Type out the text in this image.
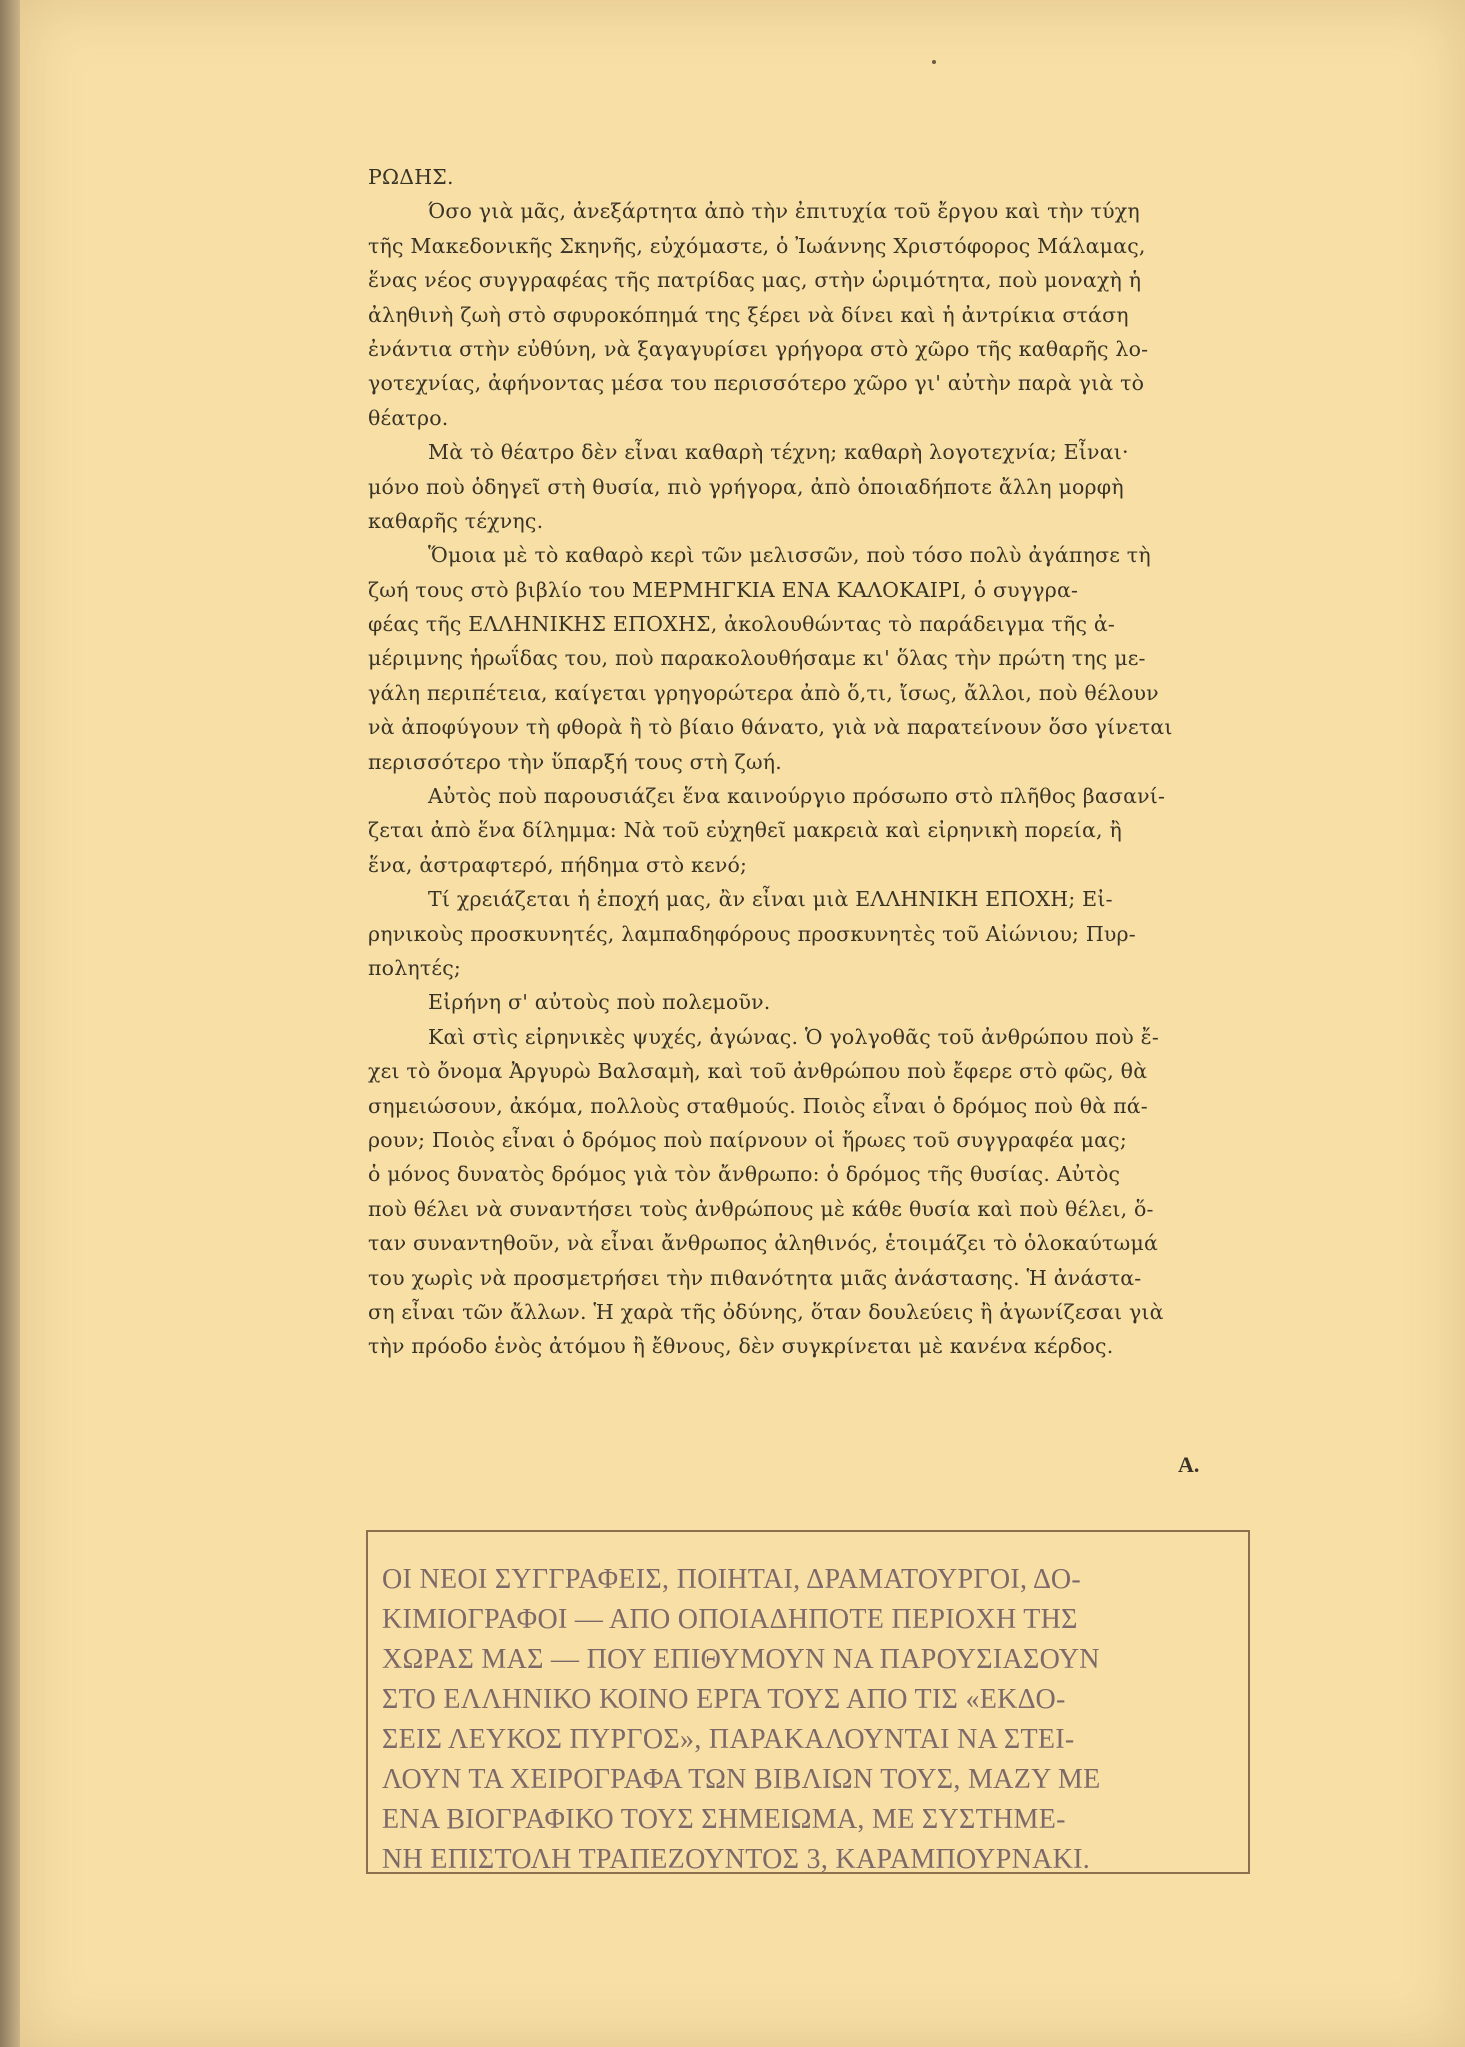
ΡΩΔΗΣ.
Όσο γιὰ μᾶς, ἀνεξάρτητα ἀπὸ τὴν ἐπιτυχία τοῦ ἔργου καὶ τὴν τύχη
τῆς Μακεδονικῆς Σκηνῆς, εὐχόμαστε, ὁ Ἰωάννης Χριστόφορος Μάλαμας,
ἕνας νέος συγγραφέας τῆς πατρίδας μας, στὴν ὡριμότητα, ποὺ μοναχὴ ἡ
ἀληθινὴ ζωὴ στὸ σφυροκόπημά της ξέρει νὰ δίνει καὶ ἡ ἀντρίκια στάση
ἐνάντια στὴν εὐθύνη, νὰ ξαγαγυρίσει γρήγορα στὸ χῶρο τῆς καθαρῆς λο-
γοτεχνίας, ἀφήνοντας μέσα του περισσότερο χῶρο γι' αὐτὴν παρὰ γιὰ τὸ
θέατρο.
Μὰ τὸ θέατρο δὲν εἶναι καθαρὴ τέχνη; καθαρὴ λογοτεχνία; Εἶναι·
μόνο ποὺ ὁδηγεῖ στὴ θυσία, πιὸ γρήγορα, ἀπὸ ὁποιαδήποτε ἄλλη μορφὴ
καθαρῆς τέχνης.
Ὅμοια μὲ τὸ καθαρὸ κερὶ τῶν μελισσῶν, ποὺ τόσο πολὺ ἀγάπησε τὴ
ζωή τους στὸ βιβλίο του ΜΕΡΜΗΓΚΙΑ ΕΝΑ ΚΑΛΟΚΑΙΡΙ, ὁ συγγρα-
φέας τῆς ΕΛΛΗΝΙΚΗΣ ΕΠΟΧΗΣ, ἀκολουθώντας τὸ παράδειγμα τῆς ἀ-
μέριμνης ἡρωΐδας του, ποὺ παρακολουθήσαμε κι' ὅλας τὴν πρώτη της με-
γάλη περιπέτεια, καίγεται γρηγορώτερα ἀπὸ ὅ,τι, ἴσως, ἄλλοι, ποὺ θέλουν
νὰ ἀποφύγουν τὴ φθορὰ ἢ τὸ βίαιο θάνατο, γιὰ νὰ παρατείνουν ὅσο γίνεται
περισσότερο τὴν ὕπαρξή τους στὴ ζωή.
Αὐτὸς ποὺ παρουσιάζει ἕνα καινούργιο πρόσωπο στὸ πλῆθος βασανί-
ζεται ἀπὸ ἕνα δίλημμα: Νὰ τοῦ εὐχηθεῖ μακρειὰ καὶ εἰρηνικὴ πορεία, ἢ
ἕνα, ἀστραφτερό, πήδημα στὸ κενό;
Τί χρειάζεται ἡ ἐποχή μας, ἂν εἶναι μιὰ ΕΛΛΗΝΙΚΗ ΕΠΟΧΗ; Εἰ-
ρηνικοὺς προσκυνητές, λαμπαδηφόρους προσκυνητὲς τοῦ Αἰώνιου; Πυρ-
πολητές;
Εἰρήνη σ' αὐτοὺς ποὺ πολεμοῦν.
Καὶ στὶς εἰρηνικὲς ψυχές, ἀγώνας. Ὁ γολγοθᾶς τοῦ ἀνθρώπου ποὺ ἔ-
χει τὸ ὄνομα Ἀργυρὼ Βαλσαμὴ, καὶ τοῦ ἀνθρώπου ποὺ ἔφερε στὸ φῶς, θὰ
σημειώσουν, ἀκόμα, πολλοὺς σταθμούς. Ποιὸς εἶναι ὁ δρόμος ποὺ θὰ πά-
ρουν; Ποιὸς εἶναι ὁ δρόμος ποὺ παίρνουν οἱ ἥρωες τοῦ συγγραφέα μας;
ὁ μόνος δυνατὸς δρόμος γιὰ τὸν ἄνθρωπο: ὁ δρόμος τῆς θυσίας. Αὐτὸς
ποὺ θέλει νὰ συναντήσει τοὺς ἀνθρώπους μὲ κάθε θυσία καὶ ποὺ θέλει, ὅ-
ταν συναντηθοῦν, νὰ εἶναι ἄνθρωπος ἀληθινός, ἑτοιμάζει τὸ ὁλοκαύτωμά
του χωρὶς νὰ προσμετρήσει τὴν πιθανότητα μιᾶς ἀνάστασης. Ἡ ἀνάστα-
ση εἶναι τῶν ἄλλων. Ἡ χαρὰ τῆς ὀδύνης, ὅταν δουλεύεις ἢ ἀγωνίζεσαι γιὰ
τὴν πρόοδο ἑνὸς ἀτόμου ἢ ἔθνους, δὲν συγκρίνεται μὲ κανένα κέρδος.
Α.
ΟΙ ΝΕΟΙ ΣΥΓΓΡΑΦΕΙΣ, ΠΟΙΗΤΑΙ, ΔΡΑΜΑΤΟΥΡΓΟΙ, ΔΟ-
ΚΙΜΙΟΓΡΑΦΟΙ — ΑΠΟ ΟΠΟΙΑΔΗΠΟΤΕ ΠΕΡΙΟΧΗ ΤΗΣ
ΧΩΡΑΣ ΜΑΣ — ΠΟΥ ΕΠΙΘΥΜΟΥΝ ΝΑ ΠΑΡΟΥΣΙΑΣΟΥΝ
ΣΤΟ ΕΛΛΗΝΙΚΟ ΚΟΙΝΟ ΕΡΓΑ ΤΟΥΣ ΑΠΟ ΤΙΣ «ΕΚΔΟ-
ΣΕΙΣ ΛΕΥΚΟΣ ΠΥΡΓΟΣ», ΠΑΡΑΚΑΛΟΥΝΤΑΙ ΝΑ ΣΤΕΙ-
ΛΟΥΝ ΤΑ ΧΕΙΡΟΓΡΑΦΑ ΤΩΝ ΒΙΒΛΙΩΝ ΤΟΥΣ, ΜΑΖΥ ΜΕ
ΕΝΑ ΒΙΟΓΡΑΦΙΚΟ ΤΟΥΣ ΣΗΜΕΙΩΜΑ, ΜΕ ΣΥΣΤΗΜΕ-
ΝΗ ΕΠΙΣΤΟΛΗ ΤΡΑΠΕΖΟΥΝΤΟΣ 3, ΚΑΡΑΜΠΟΥΡΝΑΚΙ.
